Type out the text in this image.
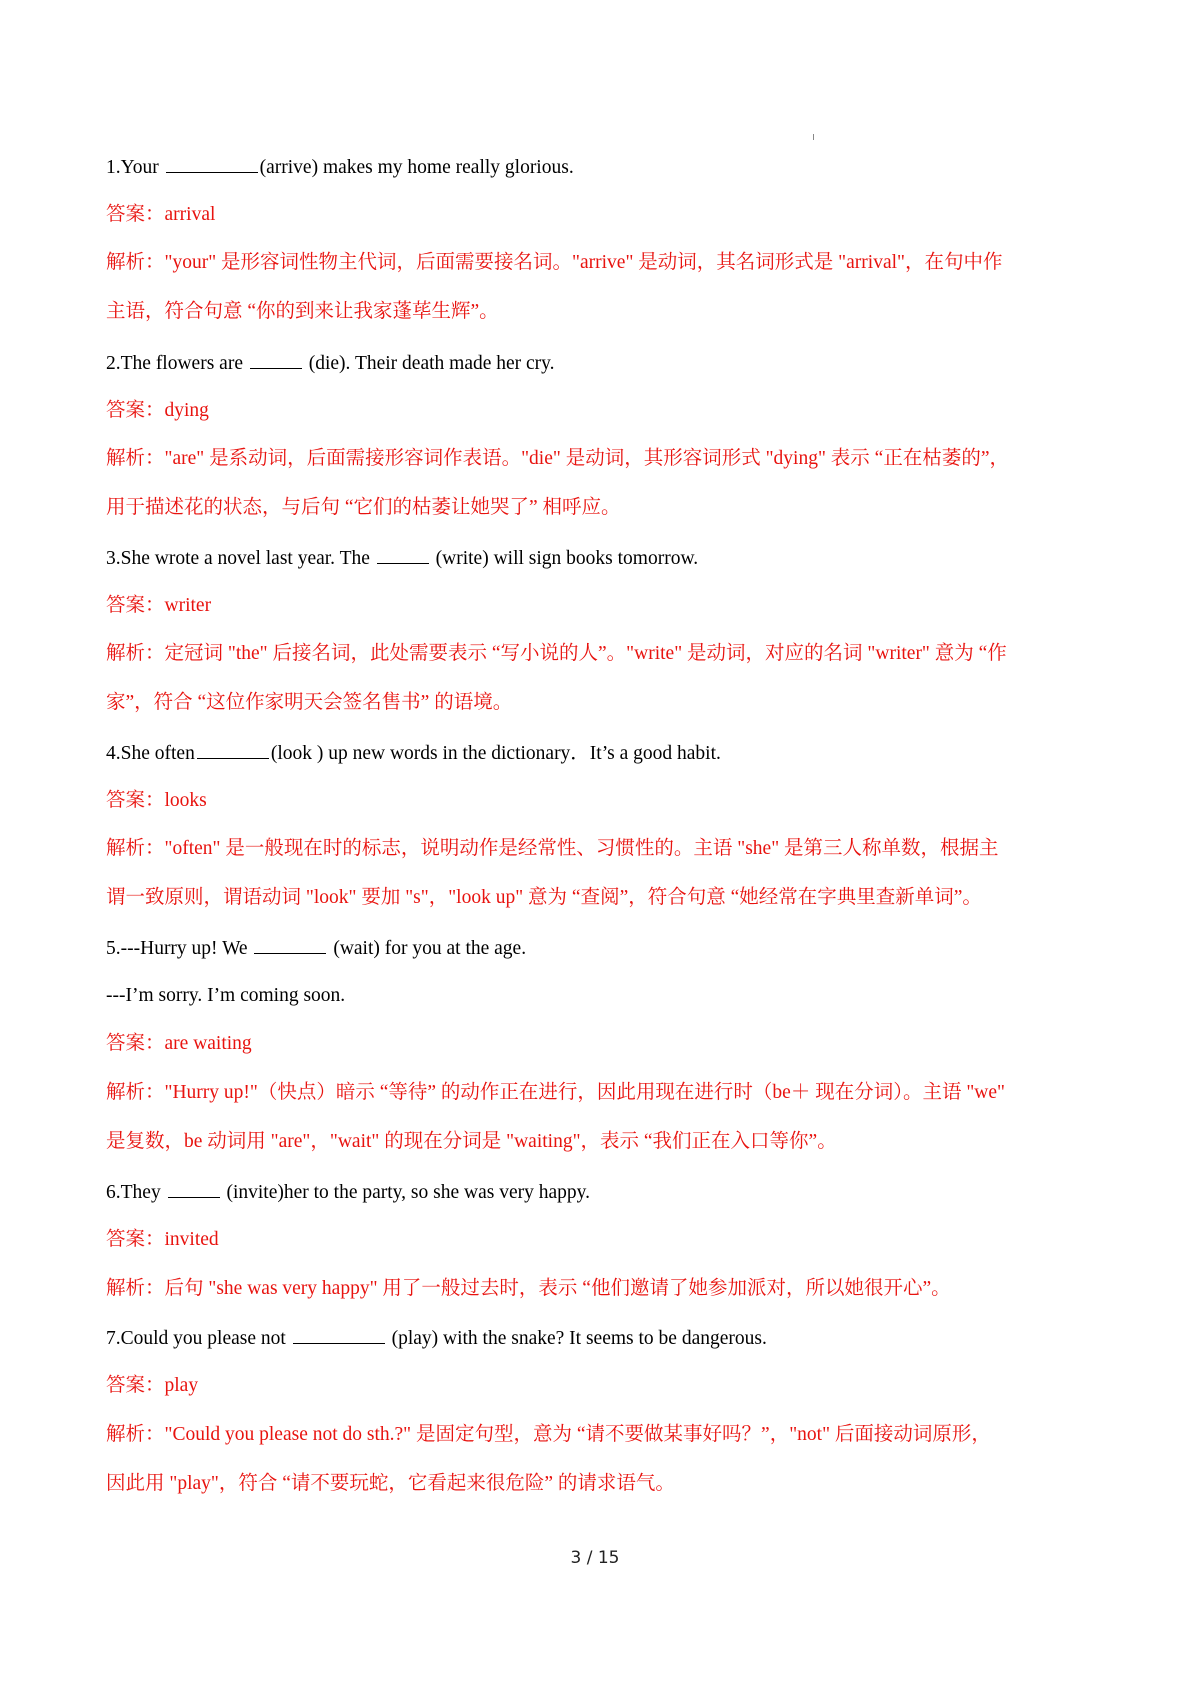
1.Your	(arrive) makes my home really glorious.
答案：arrival
解析："your" 是形容词性物主代词，后面需要接名词。"arrive" 是动词，其名词形式是 "arrival"，在句中作
主语，符合句意 “你的到来让我家蓬荜生辉”。
2.The flowers are	(die). Their death made her cry.
答案：dying
解析："are" 是系动词，后面需接形容词作表语。"die" 是动词，其形容词形式 "dying" 表示 “正在枯萎的”，
用于描述花的状态，与后句 “它们的枯萎让她哭了” 相呼应。
3.She wrote a novel last year. The	(write) will sign books tomorrow.
答案：writer
解析：定冠词 "the" 后接名词，此处需要表示 “写小说的人”。"write" 是动词，对应的名词 "writer" 意为 “作
家”，符合 “这位作家明天会签名售书” 的语境。
4.She often	(look ) up new words in the dictionary．It’s a good habit.
答案：looks
解析："often" 是一般现在时的标志，说明动作是经常性、习惯性的。主语 "she" 是第三人称单数，根据主
谓一致原则，谓语动词 "look" 要加 "s"，"look up" 意为 “查阅”，符合句意 “她经常在字典里查新单词”。
5.---Hurry up! We	(wait) for you at the age.
---I’m sorry. I’m coming soon.
答案：are waiting
解析："Hurry up!"（快点）暗示 “等待” 的动作正在进行，因此用现在进行时（be＋ 现在分词）。主语 "we"
是复数，be 动词用 "are"，"wait" 的现在分词是 "waiting"，表示 “我们正在入口等你”。
6.They	(invite)her to the party, so she was very happy.
答案：invited
解析：后句 "she was very happy" 用了一般过去时，表示 “他们邀请了她参加派对，所以她很开心”。
7.Could you please not	(play) with the snake? It seems to be dangerous.
答案：play
解析："Could you please not do sth.?" 是固定句型，意为 “请不要做某事好吗？”，"not" 后面接动词原形，
因此用 "play"，符合 “请不要玩蛇，它看起来很危险” 的请求语气。
3 / 15
